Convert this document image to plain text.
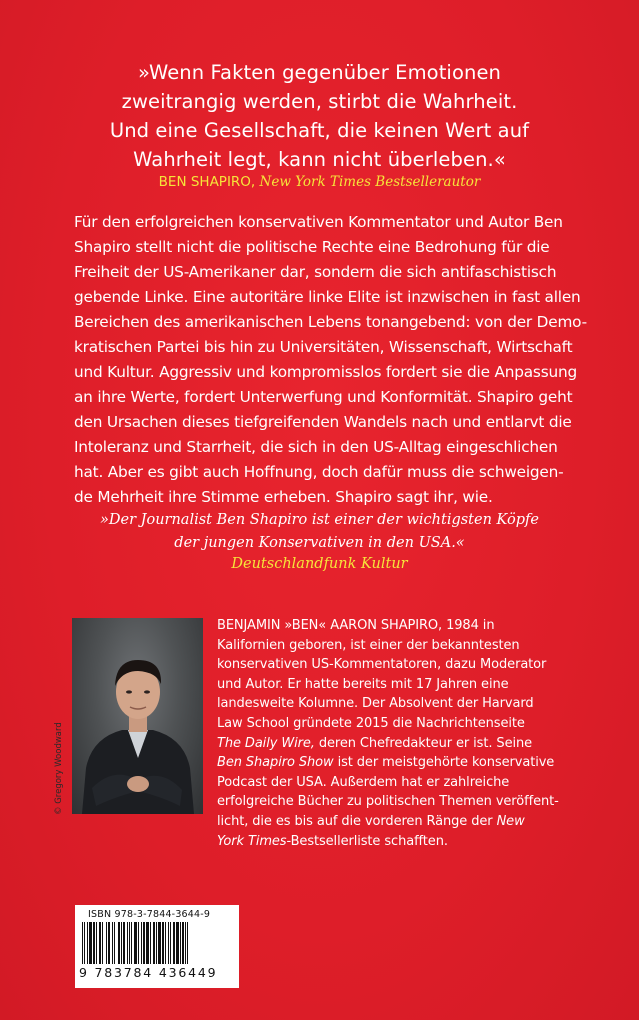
»Wenn Fakten gegenüber Emotionen
zweitrangig werden, stirbt die Wahrheit.
Und eine Gesellschaft, die keinen Wert auf
Wahrheit legt, kann nicht überleben.«
BEN SHAPIRO, New York Times Bestsellerautor
Für den erfolgreichen konservativen Kommentator und Autor Ben
Shapiro stellt nicht die politische Rechte eine Bedrohung für die
Freiheit der US-Amerikaner dar, sondern die sich antifaschistisch
gebende Linke. Eine autoritäre linke Elite ist inzwischen in fast allen
Bereichen des amerikanischen Lebens tonangebend: von der Demo-
kratischen Partei bis hin zu Universitäten, Wissenschaft, Wirtschaft
und Kultur. Aggressiv und kompromisslos fordert sie die Anpassung
an ihre Werte, fordert Unterwerfung und Konformität. Shapiro geht
den Ursachen dieses tiefgreifenden Wandels nach und entlarvt die
Intoleranz und Starrheit, die sich in den US-Alltag eingeschlichen
hat. Aber es gibt auch Hoffnung, doch dafür muss die schweigen-
de Mehrheit ihre Stimme erheben. Shapiro sagt ihr, wie.
»Der Journalist Ben Shapiro ist einer der wichtigsten Köpfe
der jungen Konservativen in den USA.«
Deutschlandfunk Kultur
© Gregory Woodward
BENJAMIN »BEN« AARON SHAPIRO, 1984 in
Kalifornien geboren, ist einer der bekanntesten
konservativen US-Kommentatoren, dazu Moderator
und Autor. Er hatte bereits mit 17 Jahren eine
landesweite Kolumne. Der Absolvent der Harvard
Law School gründete 2015 die Nachrichtenseite
The Daily Wire, deren Chefredakteur er ist. Seine
Ben Shapiro Show ist der meistgehörte konservative
Podcast der USA. Außerdem hat er zahlreiche
erfolgreiche Bücher zu politischen Themen veröffent-
licht, die es bis auf die vorderen Ränge der New
York Times-Bestsellerliste schafften.
ISBN 978-3-7844-3644-9
9 783784 436449
